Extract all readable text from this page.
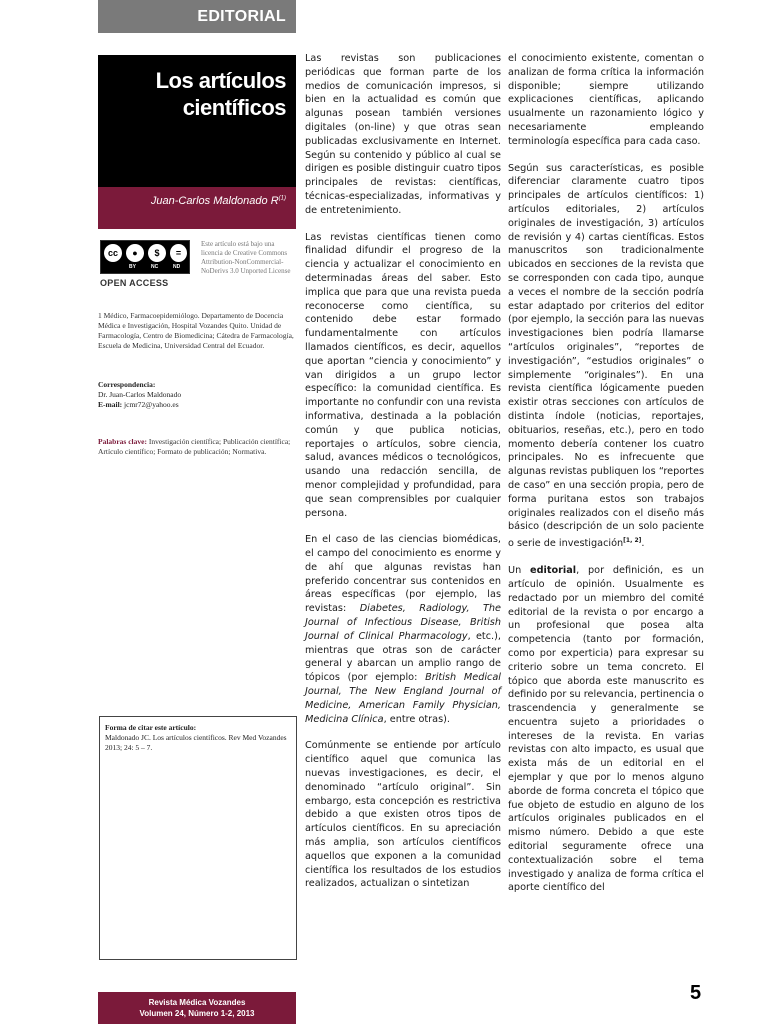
EDITORIAL
Los artículos
científicos
Juan-Carlos Maldonado $R^{(1)}$
cc	●	$	=
BY	NC	ND
OPEN ACCESS
Este artículo está bajo una licencia de Creative Commons Attribution-NonCommercial-NoDerivs 3.0 Unported License
1 Médico, Farmacoepidemiólogo. Departamento de Docencia Médica e Investigación, Hospital Vozandes Quito. Unidad de Farmacología, Centro de Biomedicina; Cátedra de Farmacología, Escuela de Medicina, Universidad Central del Ecuador.
Correspondencia:
Dr. Juan-Carlos Maldonado
E-mail: jcmr72@yahoo.es
Palabras clave: Investigación científica; Publicación científica; Artículo científico; Formato de publicación; Normativa.
Forma de citar este artículo:
Maldonado JC. Los artículos científicos. Rev Med Vozandes 2013; 24: 5 – 7.
Revista Médica Vozandes
Volumen 24, Número 1-2, 2013

Las revistas son publicaciones periódicas que forman parte de los medios de comunicación impresos, si bien en la actualidad es común que algunas posean también versiones digitales (on-line) y que otras sean publicadas exclusivamente en Internet. Según su contenido y público al cual se dirigen es posible distinguir cuatro tipos principales de revistas: científicas, técnicas-especializadas, informativas y de entretenimiento.

Las revistas científicas tienen como finalidad difundir el progreso de la ciencia y actualizar el conocimiento en determinadas áreas del saber. Esto implica que para que una revista pueda reconocerse como científica, su contenido debe estar formado fundamentalmente con artículos llamados científicos, es decir, aquellos que aportan “ciencia y conocimiento” y van dirigidos a un grupo lector específico: la comunidad científica. Es importante no confundir con una revista informativa, destinada a la población común y que publica noticias, reportajes o artículos, sobre ciencia, salud, avances médicos o tecnológicos, usando una redacción sencilla, de menor complejidad y profundidad, para que sean comprensibles por cualquier persona.

En el caso de las ciencias biomédicas, el campo del conocimiento es enorme y de ahí que algunas revistas han preferido concentrar sus contenidos en áreas específicas (por ejemplo, las revistas: Diabetes, Radiology, The Journal of Infectious Disease, British Journal of Clinical Pharmacology, etc.), mientras que otras son de carácter general y abarcan un amplio rango de tópicos (por ejemplo: British Medical Journal, The New England Journal of Medicine, American Family Physician, Medicina Clínica, entre otras).

Comúnmente se entiende por artículo científico aquel que comunica las nuevas investigaciones, es decir, el denominado “artículo original”. Sin embargo, esta concepción es restrictiva debido a que existen otros tipos de artículos científicos. En su apreciación más amplia, son artículos científicos aquellos que exponen a la comunidad científica los resultados de los estudios realizados, actualizan o sintetizan

el conocimiento existente, comentan o analizan de forma crítica la información disponible; siempre utilizando explicaciones científicas, aplicando usualmente un razonamiento lógico y necesariamente empleando terminología específica para cada caso.

Según sus características, es posible diferenciar claramente cuatro tipos principales de artículos científicos: 1) artículos editoriales, 2) artículos originales de investigación, 3) artículos de revisión y 4) cartas científicas. Estos manuscritos son tradicionalmente ubicados en secciones de la revista que se corresponden con cada tipo, aunque a veces el nombre de la sección podría estar adaptado por criterios del editor (por ejemplo, la sección para las nuevas investigaciones bien podría llamarse “artículos originales”, “reportes de investigación”, “estudios originales” o simplemente “originales”). En una revista científica lógicamente pueden existir otras secciones con artículos de distinta índole (noticias, reportajes, obituarios, reseñas, etc.), pero en todo momento debería contener los cuatro principales. No es infrecuente que algunas revistas publiquen los “reportes de caso” en una sección propia, pero de forma puritana estos son trabajos originales realizados con el diseño más básico (descripción de un solo paciente o serie de investigación[1, 2].

Un editorial, por definición, es un artículo de opinión. Usualmente es redactado por un miembro del comité editorial de la revista o por encargo a un profesional que posea alta competencia (tanto por formación, como por experticia) para expresar su criterio sobre un tema concreto. El tópico que aborda este manuscrito es definido por su relevancia, pertinencia o trascendencia y generalmente se encuentra sujeto a prioridades o intereses de la revista. En varias revistas con alto impacto, es usual que exista más de un editorial en el ejemplar y que por lo menos alguno aborde de forma concreta el tópico que fue objeto de estudio en alguno de los artículos originales publicados en el mismo número. Debido a que este editorial seguramente ofrece una contextualización sobre el tema investigado y analiza de forma crítica el aporte científico del

5
